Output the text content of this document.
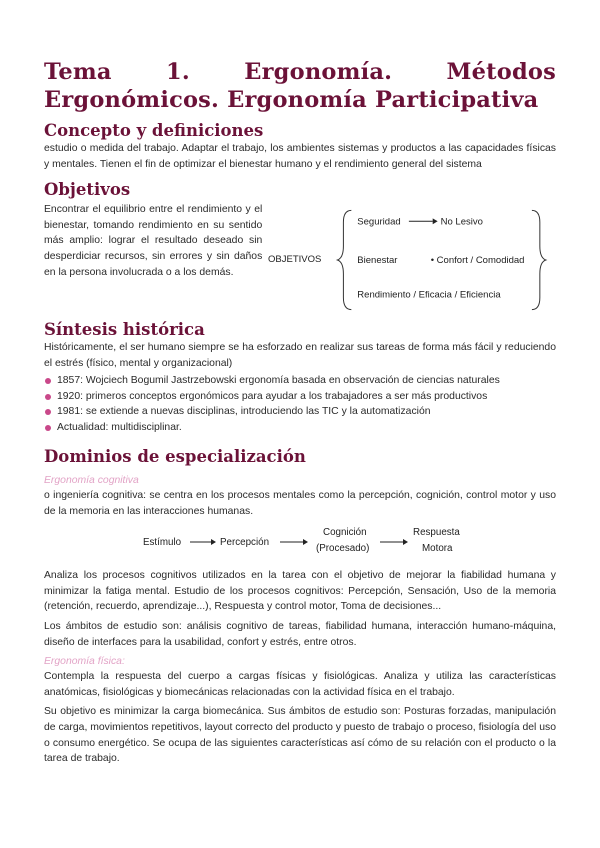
Tema 1. Ergonomía. Métodos
Ergonómicos. Ergonomía Participativa
Concepto y definiciones

estudio o medida del trabajo. Adaptar el trabajo, los ambientes sistemas y productos a las capacidades físicas y mentales. Tienen el fin de optimizar el bienestar humano y el rendimiento general del sistema

Objetivos

Encontrar el equilibrio entre el rendimiento y el bienestar, tomando rendimiento en su sentido más amplio: lograr el resultado deseado sin desperdiciar recursos, sin errores y sin daños en la persona involucrada o a los demás.

OBJETIVOS
Seguridad	No Lesivo
Bienestar	• Confort / Comodidad
Rendimiento / Eficacia / Eficiencia
Síntesis histórica

Históricamente, el ser humano siempre se ha esforzado en realizar sus tareas de forma más fácil y reduciendo el estrés (físico, mental y organizacional)

1857: Wojciech Bogumil Jastrzebowski ergonomía basada en observación de ciencias naturales
1920: primeros conceptos ergonómicos para ayudar a los trabajadores a ser más productivos
1981: se extiende a nuevas disciplinas, introduciendo las TIC y la automatización
Actualidad: multidisciplinar.
Dominios de especialización
Ergonomía cognitiva

o ingeniería cognitiva: se centra en los procesos mentales como la percepción, cognición, control motor y uso de la memoria en las interacciones humanas.

Estímulo	Percepción
Cognición
(Procesado)
Respuesta
Motora

Analiza los procesos cognitivos utilizados en la tarea con el objetivo de mejorar la fiabilidad humana y minimizar la fatiga mental. Estudio de los procesos cognitivos: Percepción, Sensación, Uso de la memoria (retención, recuerdo, aprendizaje...), Respuesta y control motor, Toma de decisiones...

Los ámbitos de estudio son: análisis cognitivo de tareas, fiabilidad humana, interacción humano-máquina, diseño de interfaces para la usabilidad, confort y estrés, entre otros.

Ergonomía física:

Contempla la respuesta del cuerpo a cargas físicas y fisiológicas. Analiza y utiliza las características anatómicas, fisiológicas y biomecánicas relacionadas con la actividad física en el trabajo.

Su objetivo es minimizar la carga biomecánica. Sus ámbitos de estudio son: Posturas forzadas, manipulación de carga, movimientos repetitivos, layout correcto del producto y puesto de trabajo o proceso, fisiología del uso o consumo energético. Se ocupa de las siguientes características así cómo de su relación con el producto o la tarea de trabajo.
